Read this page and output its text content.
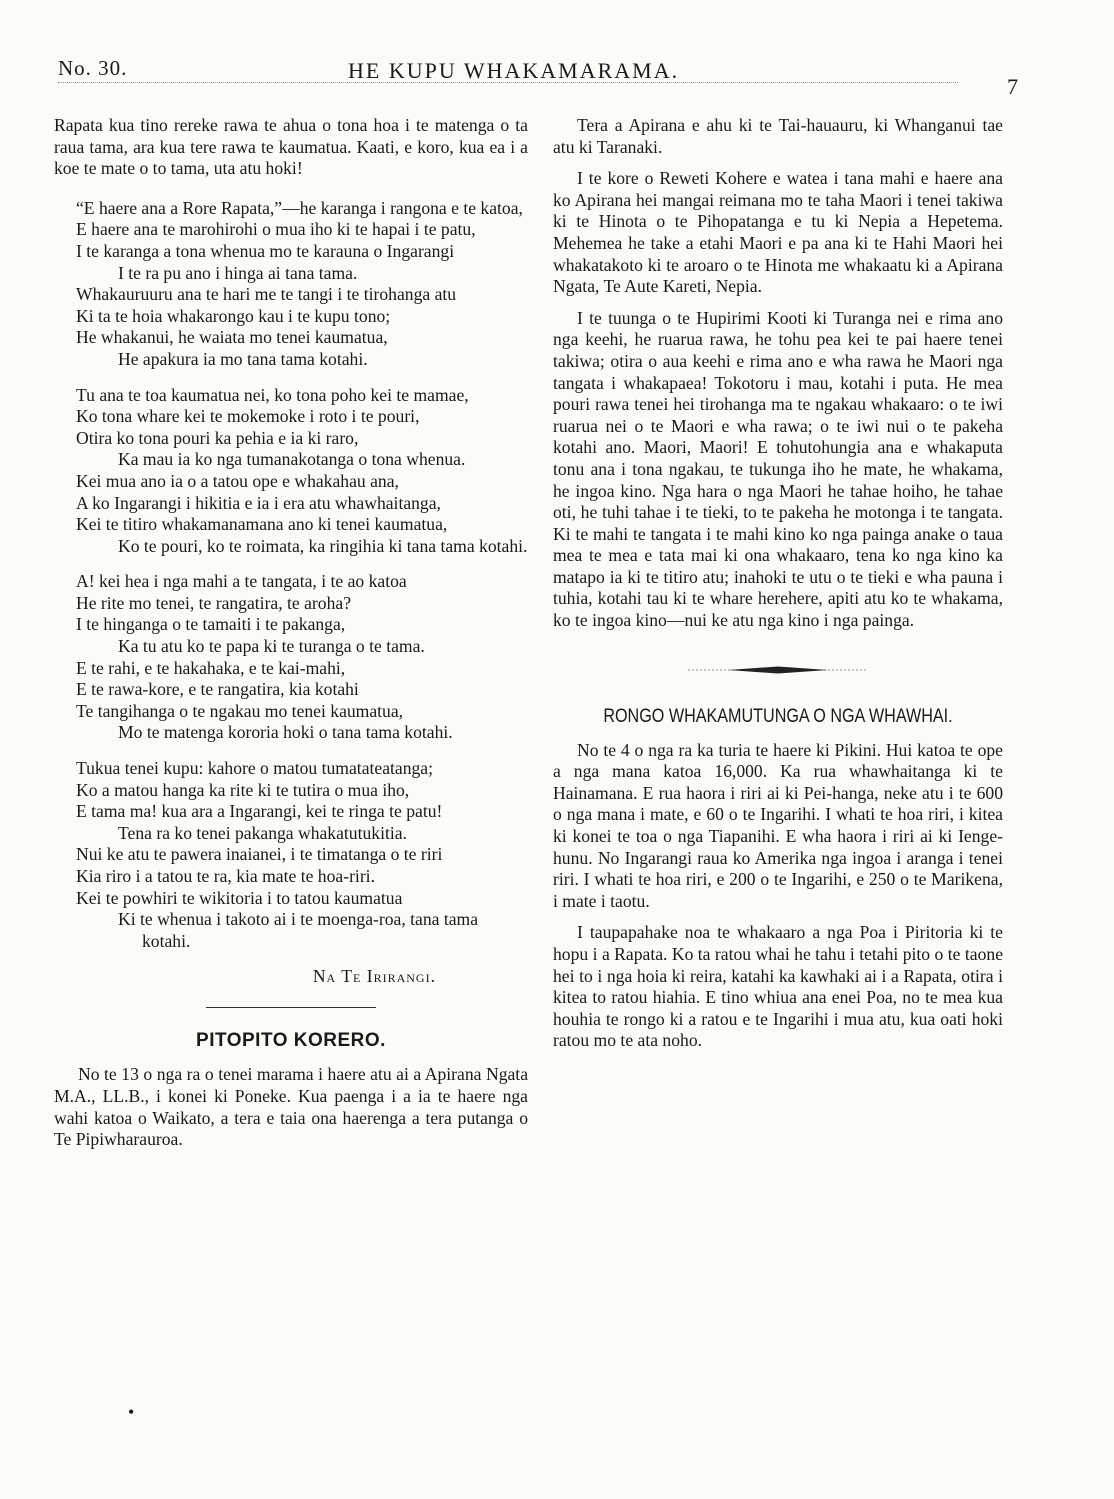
No. 30.	HE KUPU WHAKAMARAMA.
7

Rapata kua tino rereke rawa te ahua o tona hoa i te matenga o ta raua tama, ara kua tere rawa te kaumatua. Kaati, e koro, kua ea i a koe te mate o to tama, uta atu hoki!

“E haere ana a Rore Rapata,”—he karanga i rangona e te katoa,
E haere ana te marohirohi o mua iho ki te hapai i te patu,
I te karanga a tona whenua mo te karauna o Ingarangi
I te ra pu ano i hinga ai tana tama.
Whakauruuru ana te hari me te tangi i te tirohanga atu
Ki ta te hoia whakarongo kau i te kupu tono;
He whakanui, he waiata mo tenei kaumatua,
He apakura ia mo tana tama kotahi.
Tu ana te toa kaumatua nei, ko tona poho kei te mamae,
Ko tona whare kei te mokemoke i roto i te pouri,
Otira ko tona pouri ka pehia e ia ki raro,
Ka mau ia ko nga tumanakotanga o tona whenua.
Kei mua ano ia o a tatou ope e whakahau ana,
A ko Ingarangi i hikitia e ia i era atu whawhaitanga,
Kei te titiro whakamanamana ano ki tenei kaumatua,
Ko te pouri, ko te roimata, ka ringihia ki tana tama kotahi.
A! kei hea i nga mahi a te tangata, i te ao katoa
He rite mo tenei, te rangatira, te aroha?
I te hinganga o te tamaiti i te pakanga,
Ka tu atu ko te papa ki te turanga o te tama.
E te rahi, e te hakahaka, e te kai-mahi,
E te rawa-kore, e te rangatira, kia kotahi
Te tangihanga o te ngakau mo tenei kaumatua,
Mo te matenga kororia hoki o tana tama kotahi.
Tukua tenei kupu: kahore o matou tumatateatanga;
Ko a matou hanga ka rite ki te tutira o mua iho,
E tama ma! kua ara a Ingarangi, kei te ringa te patu!
Tena ra ko tenei pakanga whakatutukitia.
Nui ke atu te pawera inaianei, i te timatanga o te riri
Kia riro i a tatou te ra, kia mate te hoa-riri.
Kei te powhiri te wikitoria i to tatou kaumatua
Ki te whenua i takoto ai i te moenga-roa, tana tama kotahi.
Na Te Irirangi.
PITOPITO KORERO.

No te 13 o nga ra o tenei marama i haere atu ai a Apirana Ngata M.A., LL.B., i konei ki Poneke. Kua paenga i a ia te haere nga wahi katoa o Waikato, a tera e taia ona haerenga a tera putanga o Te Pipiwharauroa.

•

Tera a Apirana e ahu ki te Tai-hauauru, ki Whanganui tae atu ki Taranaki.

I te kore o Reweti Kohere e watea i tana mahi e haere ana ko Apirana hei mangai reimana mo te taha Maori i tenei takiwa ki te Hinota o te Pihopatanga e tu ki Nepia a Hepetema. Mehemea he take a etahi Maori e pa ana ki te Hahi Maori hei whakatakoto ki te aroaro o te Hinota me whakaatu ki a Apirana Ngata, Te Aute Kareti, Nepia.

I te tuunga o te Hupirimi Kooti ki Turanga nei e rima ano nga keehi, he ruarua rawa, he tohu pea kei te pai haere tenei takiwa; otira o aua keehi e rima ano e wha rawa he Maori nga tangata i whakapaea! Tokotoru i mau, kotahi i puta. He mea pouri rawa tenei hei tirohanga ma te ngakau whakaaro: o te iwi ruarua nei o te Maori e wha rawa; o te iwi nui o te pakeha kotahi ano. Maori, Maori! E tohutohungia ana e whakaputa tonu ana i tona ngakau, te tukunga iho he mate, he whakama, he ingoa kino. Nga hara o nga Maori he tahae hoiho, he tahae oti, he tuhi tahae i te tieki, to te pakeha he motonga i te tangata. Ki te mahi te tangata i te mahi kino ko nga painga anake o taua mea te mea e tata mai ki ona whakaaro, tena ko nga kino ka matapo ia ki te titiro atu; inahoki te utu o te tieki e wha pauna i tuhia, kotahi tau ki te whare herehere, apiti atu ko te whakama, ko te ingoa kino—nui ke atu nga kino i nga painga.

RONGO WHAKAMUTUNGA O NGA WHAWHAI.

No te 4 o nga ra ka turia te haere ki Pikini. Hui katoa te ope a nga mana katoa 16,000. Ka rua whawhaitanga ki te Hainamana. E rua haora i riri ai ki Pei-hanga, neke atu i te 600 o nga mana i mate, e 60 o te Ingarihi. I whati te hoa riri, i kitea ki konei te toa o nga Tiapanihi. E wha haora i riri ai ki Ienge-hunu. No Ingarangi raua ko Amerika nga ingoa i aranga i tenei riri. I whati te hoa riri, e 200 o te Ingarihi, e 250 o te Marikena, i mate i taotu.

I taupapahake noa te whakaaro a nga Poa i Piritoria ki te hopu i a Rapata. Ko ta ratou whai he tahu i tetahi pito o te taone hei to i nga hoia ki reira, katahi ka kawhaki ai i a Rapata, otira i kitea to ratou hiahia. E tino whiua ana enei Poa, no te mea kua houhia te rongo ki a ratou e te Ingarihi i mua atu, kua oati hoki ratou mo te ata noho.
